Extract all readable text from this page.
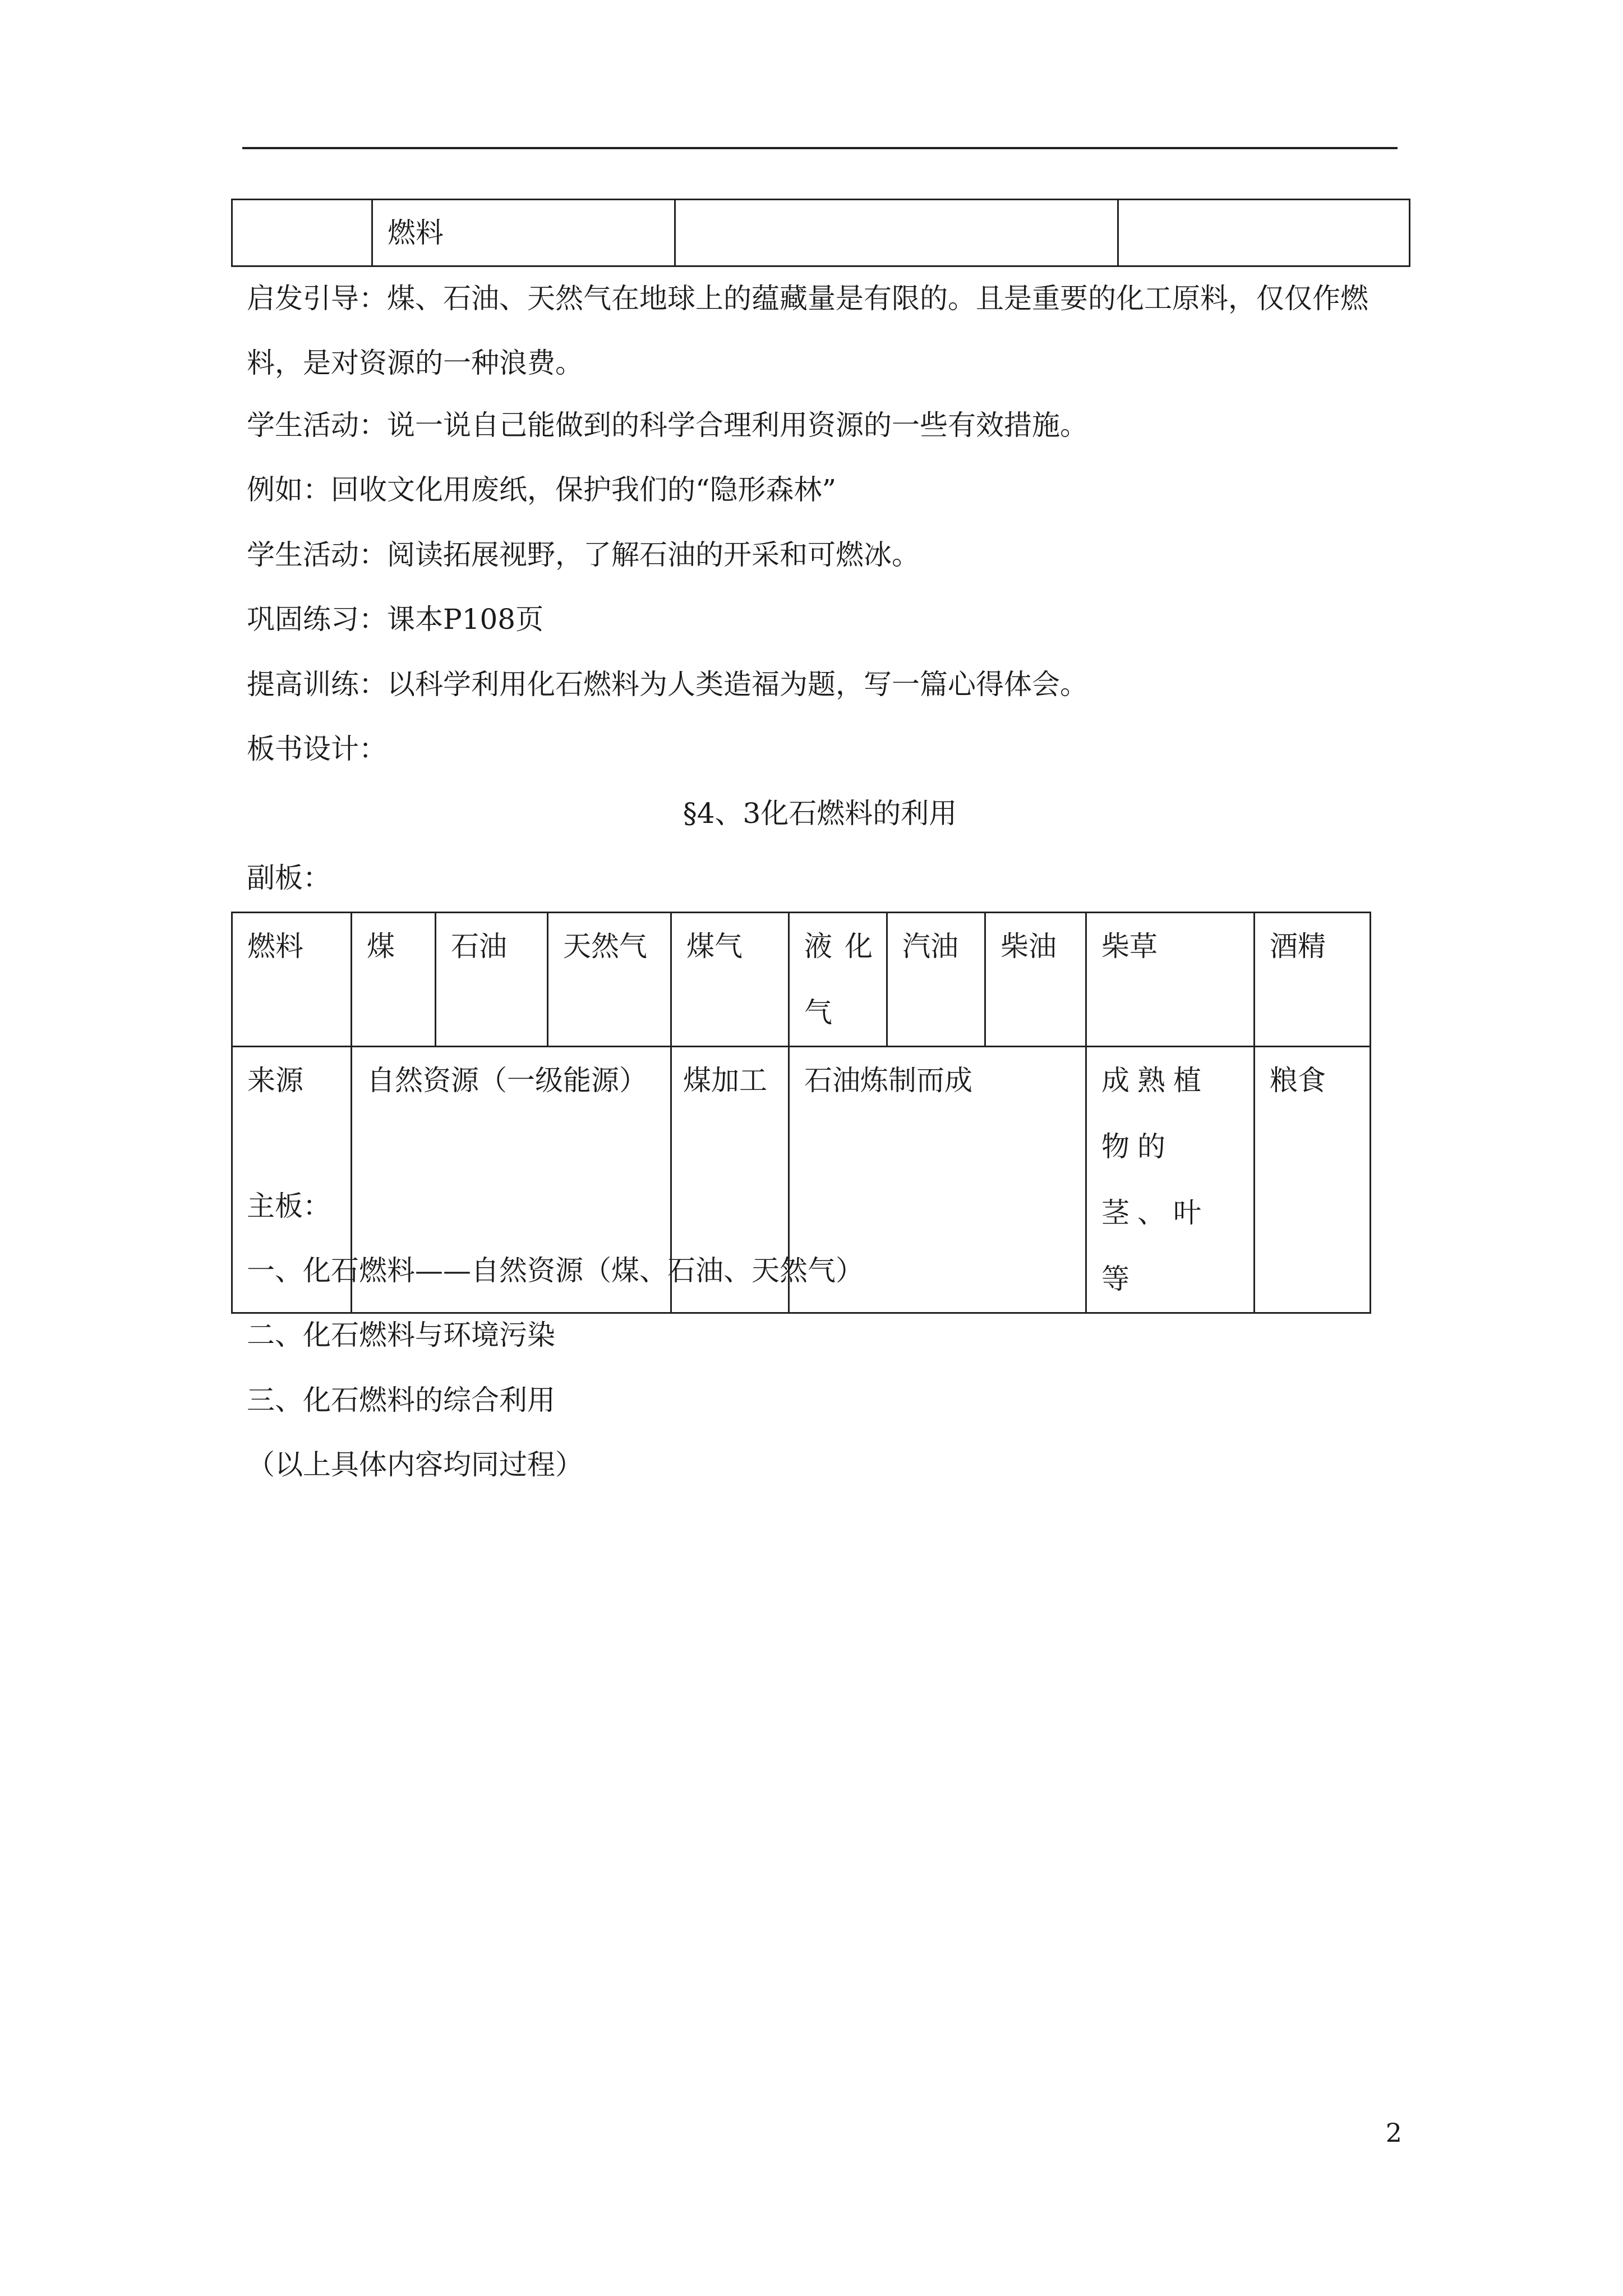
	燃料		
启发引导：煤、石油、天然气在地球上的蕴藏量是有限的。且是重要的化工原料，仅仅作燃料，是对资源的一种浪费。
学生活动：说一说自己能做到的科学合理利用资源的一些有效措施。
例如：回收文化用废纸，保护我们的“隐形森林”
学生活动：阅读拓展视野，了解石油的开采和可燃冰。
巩固练习：课本P108页
提高训练：以科学利用化石燃料为人类造福为题，写一篇心得体会。
板书设计：
§4、3化石燃料的利用
副板：
燃料	煤	石油	天然气	煤气	液化气	汽油	柴油	柴草	酒精
来源	自然资源（一级能源）			煤加工	石油炼制而成			成熟植物的茎、叶等	粮食
主板：
一、化石燃料——自然资源（煤、石油、天然气）
二、化石燃料与环境污染
三、化石燃料的综合利用
（以上具体内容均同过程）
2
